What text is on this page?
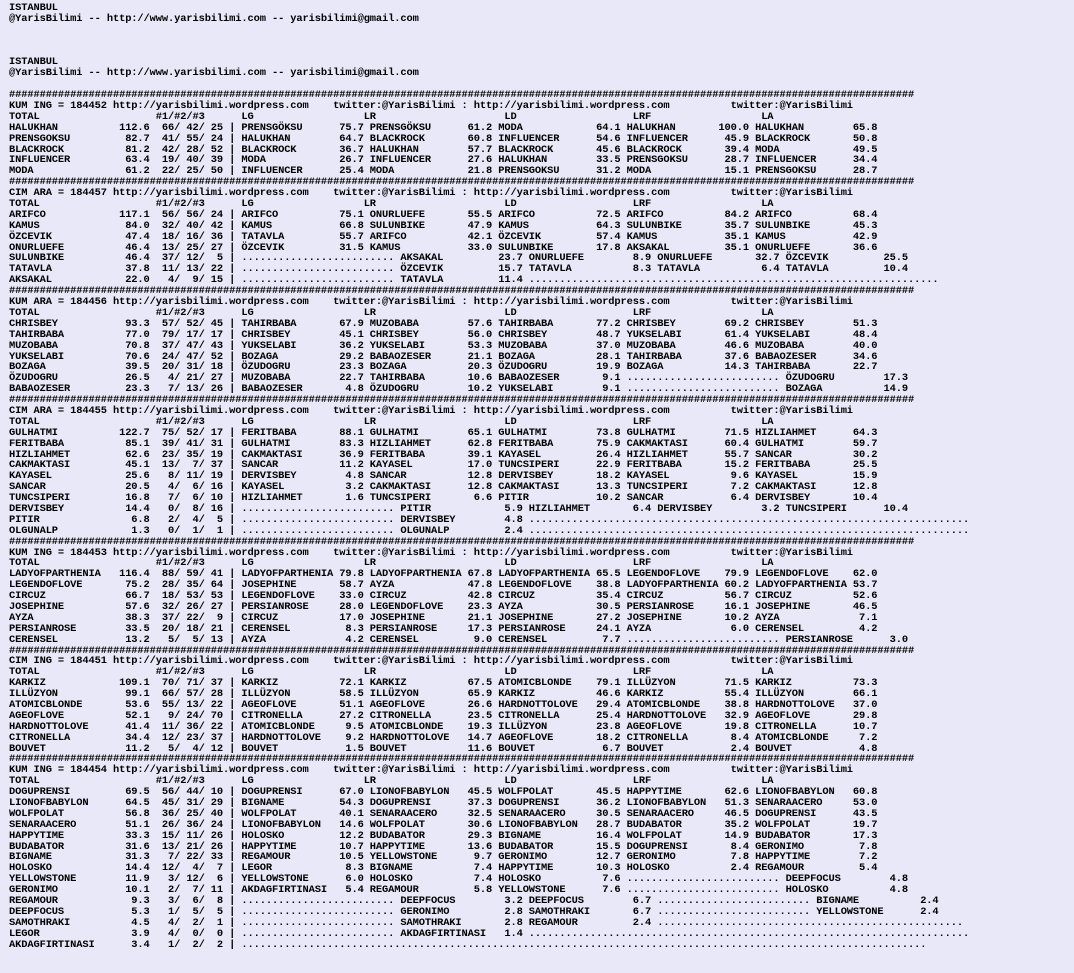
ISTANBUL
@YarisBilimi -- http://www.yarisbilimi.com -- yarisbilimi@gmail.com
ISTANBUL
@YarisBilimi -- http://www.yarisbilimi.com -- yarisbilimi@gmail.com
####################################################################################################################################################
KUM ING = 184452 http://yarisbilimi.wordpress.com    twitter:@YarisBilimi : http://yarisbilimi.wordpress.com          twitter:@YarisBilimi
TOTAL                   #1/#2/#3      LG                  LR                     LD                   LRF                  LA
HALUKHAN          112.6  66/ 42/ 25 | PRENSGÖKSU      75.7 PRENSGÖKSU      61.2 MODA            64.1 HALUKHAN       100.0 HALUKHAN        65.8
PRENSGOKSU         82.7  41/ 55/ 24 | HALUKHAN        64.7 BLACKROCK       60.8 INFLUENCER      54.6 INFLUENCER      45.9 BLACKROCK       50.8
BLACKROCK          81.2  42/ 28/ 52 | BLACKROCK       36.7 HALUKHAN        57.7 BLACKROCK       45.6 BLACKROCK       39.4 MODA            49.5
INFLUENCER         63.4  19/ 40/ 39 | MODA            26.7 INFLUENCER      27.6 HALUKHAN        33.5 PRENSGOKSU      28.7 INFLUENCER      34.4
MODA               61.2  22/ 25/ 50 | INFLUENCER      25.4 MODA            21.8 PRENSGOKSU      31.2 MODA            15.1 PRENSGOKSU      28.7
####################################################################################################################################################
CIM ARA = 184457 http://yarisbilimi.wordpress.com    twitter:@YarisBilimi : http://yarisbilimi.wordpress.com          twitter:@YarisBilimi
TOTAL                   #1/#2/#3      LG                  LR                     LD                   LRF                  LA
ARIFCO            117.1  56/ 56/ 24 | ARIFCO          75.1 ONURLUEFE       55.5 ARIFCO          72.5 ARIFCO          84.2 ARIFCO          68.4
KAMUS              84.0  32/ 40/ 42 | KAMUS           66.8 SULUNBIKE       47.9 KAMUS           64.3 SULUNBIKE       35.7 SULUNBIKE       45.3
ÖZCEVIK            47.4  18/ 16/ 36 | TATAVLA         55.7 ARIFCO          42.1 ÖZCEVIK         57.4 KAMUS           35.1 KAMUS           42.9
ONURLUEFE          46.4  13/ 25/ 27 | ÖZCEVIK         31.5 KAMUS           33.0 SULUNBIKE       17.8 AKSAKAL         35.1 ONURLUEFE       36.6
SULUNBIKE          46.4  37/ 12/  5 | ......................... AKSAKAL         23.7 ONURLUEFE        8.9 ONURLUEFE       32.7 ÖZCEVIK         25.5
TATAVLA            37.8  11/ 13/ 22 | ......................... ÖZCEVIK         15.7 TATAVLA          8.3 TATAVLA          6.4 TATAVLA         10.4
AKSAKAL            22.0   4/  9/ 15 | ......................... TATAVLA         11.4 ...................................................................
####################################################################################################################################################
KUM ARA = 184456 http://yarisbilimi.wordpress.com    twitter:@YarisBilimi : http://yarisbilimi.wordpress.com          twitter:@YarisBilimi
TOTAL                   #1/#2/#3      LG                  LR                     LD                   LRF                  LA
CHRISBEY           93.3  57/ 52/ 45 | TAHIRBABA       67.9 MUZOBABA        57.6 TAHIRBABA       77.2 CHRISBEY        69.2 CHRISBEY        51.3
TAHIRBABA          77.0  79/ 17/ 17 | CHRISBEY        45.1 CHRISBEY        56.0 CHRISBEY        48.7 YUKSELABI       61.4 YUKSELABI       48.4
MUZOBABA           70.8  37/ 47/ 43 | YUKSELABI       36.2 YUKSELABI       53.3 MUZOBABA        37.0 MUZOBABA        46.6 MUZOBABA        40.0
YUKSELABI          70.6  24/ 47/ 52 | BOZAGA          29.2 BABAOZESER      21.1 BOZAGA          28.1 TAHIRBABA       37.6 BABAOZESER      34.6
BOZAGA             39.5  20/ 31/ 18 | ÖZUDOGRU        23.3 BOZAGA          20.3 ÖZUDOGRU        19.9 BOZAGA          14.3 TAHIRBABA       22.7
ÖZUDOGRU           26.5   4/ 21/ 27 | MUZOBABA        22.7 TAHIRBABA       10.6 BABAOZESER       9.1 ......................... ÖZUDOGRU        17.3
BABAOZESER         23.3   7/ 13/ 26 | BABAOZESER       4.8 ÖZUDOGRU        10.2 YUKSELABI        9.1 ......................... BOZAGA          14.9
####################################################################################################################################################
CIM ARA = 184455 http://yarisbilimi.wordpress.com    twitter:@YarisBilimi : http://yarisbilimi.wordpress.com          twitter:@YarisBilimi
TOTAL                   #1/#2/#3      LG                  LR                     LD                   LRF                  LA
GULHATMI          122.7  75/ 52/ 17 | FERITBABA       88.1 GULHATMI        65.1 GULHATMI        73.8 GULHATMI        71.5 HIZLIAHMET      64.3
FERITBABA          85.1  39/ 41/ 31 | GULHATMI        83.3 HIZLIAHMET      62.8 FERITBABA       75.9 CAKMAKTASI      60.4 GULHATMI        59.7
HIZLIAHMET         62.6  23/ 35/ 19 | CAKMAKTASI      36.9 FERITBABA       39.1 KAYASEL         26.4 HIZLIAHMET      55.7 SANCAR          30.2
CAKMAKTASI         45.1  13/  7/ 37 | SANCAR          11.2 KAYASEL         17.0 TUNCSIPERI      22.9 FERITBABA       15.2 FERITBABA       25.5
KAYASEL            25.6   8/ 11/ 19 | DERVISBEY        4.8 SANCAR          12.8 DERVISBEY       18.2 KAYASEL          9.6 KAYASEL         15.9
SANCAR             20.5   4/  6/ 16 | KAYASEL          3.2 CAKMAKTASI      12.8 CAKMAKTASI      13.3 TUNCSIPERI       7.2 CAKMAKTASI      12.8
TUNCSIPERI         16.8   7/  6/ 10 | HIZLIAHMET       1.6 TUNCSIPERI       6.6 PITIR           10.2 SANCAR           6.4 DERVISBEY       10.4
DERVISBEY          14.4   0/  8/ 16 | ......................... PITIR            5.9 HIZLIAHMET       6.4 DERVISBEY        3.2 TUNCSIPERI      10.4
PITIR               6.8   2/  4/  5 | ......................... DERVISBEY        4.8 ........................................................................
OLGUNALP            1.3   0/  1/  1 | ......................... OLGUNALP         2.4 ........................................................................
####################################################################################################################################################
KUM ING = 184453 http://yarisbilimi.wordpress.com    twitter:@YarisBilimi : http://yarisbilimi.wordpress.com          twitter:@YarisBilimi
TOTAL                   #1/#2/#3      LG                  LR                     LD                   LRF                  LA
LADYOFPARTHENIA   116.4  88/ 59/ 41 | LADYOFPARTHENIA 79.8 LADYOFPARTHENIA 67.8 LADYOFPARTHENIA 65.5 LEGENDOFLOVE    79.9 LEGENDOFLOVE    62.0
LEGENDOFLOVE       75.2  28/ 35/ 64 | JOSEPHINE       58.7 AYZA            47.8 LEGENDOFLOVE    38.8 LADYOFPARTHENIA 60.2 LADYOFPARTHENIA 53.7
CIRCUZ             66.7  18/ 53/ 53 | LEGENDOFLOVE    33.0 CIRCUZ          42.8 CIRCUZ          35.4 CIRCUZ          56.7 CIRCUZ          52.6
JOSEPHINE          57.6  32/ 26/ 27 | PERSIANROSE     28.0 LEGENDOFLOVE    23.3 AYZA            30.5 PERSIANROSE     16.1 JOSEPHINE       46.5
AYZA               38.3  37/ 22/  9 | CIRCUZ          17.0 JOSEPHINE       21.1 JOSEPHINE       27.2 JOSEPHINE       10.2 AYZA             7.1
PERSIANROSE        33.5  20/ 18/ 21 | CERENSEL         8.3 PERSIANROSE     17.3 PERSIANROSE     24.1 AYZA             6.0 CERENSEL         4.2
CERENSEL           13.2   5/  5/ 13 | AYZA             4.2 CERENSEL         9.0 CERENSEL         7.7 ......................... PERSIANROSE      3.0
####################################################################################################################################################
CIM ING = 184451 http://yarisbilimi.wordpress.com    twitter:@YarisBilimi : http://yarisbilimi.wordpress.com          twitter:@YarisBilimi
TOTAL                   #1/#2/#3      LG                  LR                     LD                   LRF                  LA
KARKIZ            109.1  70/ 71/ 37 | KARKIZ          72.1 KARKIZ          67.5 ATOMICBLONDE    79.1 ILLÜZYON        71.5 KARKIZ          73.3
ILLÜZYON           99.1  66/ 57/ 28 | ILLÜZYON        58.5 ILLÜZYON        65.9 KARKIZ          46.6 KARKIZ          55.4 ILLÜZYON        66.1
ATOMICBLONDE       53.6  55/ 13/ 22 | AGEOFLOVE       51.1 AGEOFLOVE       26.6 HARDNOTTOLOVE   29.4 ATOMICBLONDE    38.8 HARDNOTTOLOVE   37.0
AGEOFLOVE          52.1   9/ 24/ 70 | CITRONELLA      27.2 CITRONELLA      23.5 CITRONELLA      25.4 HARDNOTTOLOVE   32.9 AGEOFLOVE       29.8
HARDNOTTOLOVE      41.4  11/ 36/ 22 | ATOMICBLONDE     9.5 ATOMICBLONDE    19.3 ILLÜZYON        23.8 AGEOFLOVE       19.8 CITRONELLA      10.7
CITRONELLA         34.4  12/ 23/ 37 | HARDNOTTOLOVE    9.2 HARDNOTTOLOVE   14.7 AGEOFLOVE       18.2 CITRONELLA       8.4 ATOMICBLONDE     7.2
BOUVET             11.2   5/  4/ 12 | BOUVET           1.5 BOUVET          11.6 BOUVET           6.7 BOUVET           2.4 BOUVET           4.8
####################################################################################################################################################
KUM ING = 184454 http://yarisbilimi.wordpress.com    twitter:@YarisBilimi : http://yarisbilimi.wordpress.com          twitter:@YarisBilimi
TOTAL                   #1/#2/#3      LG                  LR                     LD                   LRF                  LA
DOGUPRENSI         69.5  56/ 44/ 10 | DOGUPRENSI      67.0 LIONOFBABYLON   45.5 WOLFPOLAT       45.5 HAPPYTIME       62.6 LIONOFBABYLON   60.8
LIONOFBABYLON      64.5  45/ 31/ 29 | BIGNAME         54.3 DOGUPRENSI      37.3 DOGUPRENSI      36.2 LIONOFBABYLON   51.3 SENARAACERO     53.0
WOLFPOLAT          56.8  36/ 25/ 40 | WOLFPOLAT       40.1 SENARAACERO     32.5 SENARAACERO     30.5 SENARAACERO     46.5 DOGUPRENSI      43.5
SENARAACERO        51.1  26/ 36/ 24 | LIONOFBABYLON   14.6 WOLFPOLAT       30.6 LIONOFBABYLON   28.7 BUDABATOR       35.2 WOLFPOLAT       19.7
HAPPYTIME          33.3  15/ 11/ 26 | HOLOSKO         12.2 BUDABATOR       29.3 BIGNAME         16.4 WOLFPOLAT       14.9 BUDABATOR       17.3
BUDABATOR          31.6  13/ 21/ 26 | HAPPYTIME       10.7 HAPPYTIME       13.6 BUDABATOR       15.5 DOGUPRENSI       8.4 GERONIMO         7.8
BIGNAME            31.3   7/ 22/ 33 | REGAMOUR        10.5 YELLOWSTONE      9.7 GERONIMO        12.7 GERONIMO         7.8 HAPPYTIME        7.2
HOLOSKO            14.4  12/  4/  7 | LEGOR            8.3 BIGNAME          7.4 HAPPYTIME       10.3 HOLOSKO          2.4 REGAMOUR         5.4
YELLOWSTONE        11.9   3/ 12/  6 | YELLOWSTONE      6.0 HOLOSKO          7.4 HOLOSKO          7.6 ......................... DEEPFOCUS        4.8
GERONIMO           10.1   2/  7/ 11 | AKDAGFIRTINASI   5.4 REGAMOUR         5.8 YELLOWSTONE      7.6 ......................... HOLOSKO          4.8
REGAMOUR            9.3   3/  6/  8 | ......................... DEEPFOCUS        3.2 DEEPFOCUS        6.7 ......................... BIGNAME          2.4
DEEPFOCUS           5.3   1/  5/  5 | ......................... GERONIMO         2.8 SAMOTHRAKI       6.7 ......................... YELLOWSTONE      2.4
SAMOTHRAKI          4.5   4/  2/  1 | ......................... SAMOTHRAKI       2.8 REGAMOUR         2.4 ..................................................
LEGOR               3.9   4/  0/  0 | ......................... AKDAGFIRTINASI   1.4 ........................................................................
AKDAGFIRTINASI      3.4   1/  2/  2 | ................................................................................................................
